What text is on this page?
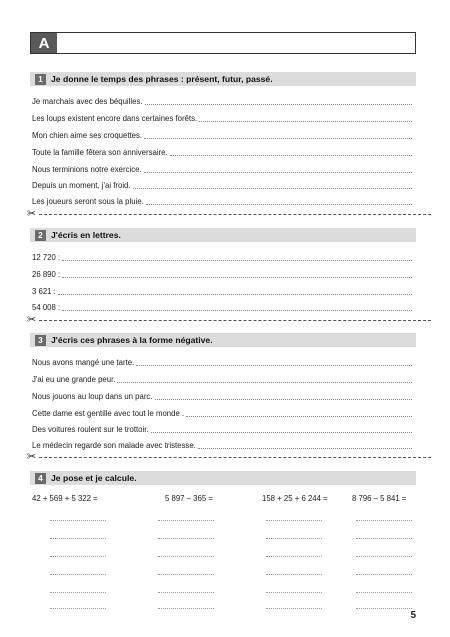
A
1 Je donne le temps des phrases : présent, futur, passé.
Je marchais avec des béquilles.
Les loups existent encore dans certaines forêts.
Mon chien aime ses croquettes.
Toute la famille fêtera son anniversaire.
Nous terminions notre exercice.
Depuis un moment, j'ai froid.
Les joueurs seront sous la pluie.
✂
2 J'écris en lettres.
12 720 :
26 890 :
3 621 :
54 008 :
✂
3 J'écris ces phrases à la forme négative.
Nous avons mangé une tarte.
J'ai eu une grande peur.
Nous jouons au loup dans un parc.
Cette dame est gentille avec tout le monde .
Des voitures roulent sur le trottoir.
Le médecin regarde son malade avec tristesse.
✂
4 Je pose et je calcule.
42 + 569 + 5 322 =	5 897 – 365 =	158 + 25 + 6 244 =	8 796 – 5 841 =
5
